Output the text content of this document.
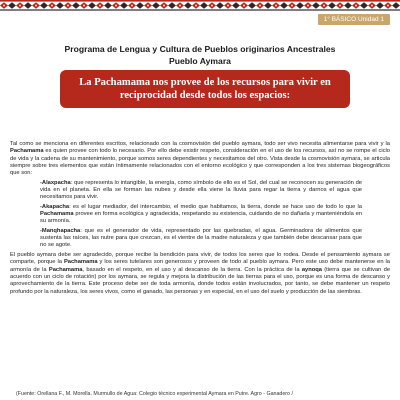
1° BÁSICO Unidad 1
Programa de Lengua y Cultura de Pueblos originarios Ancestrales
Pueblo Aymara
La Pachamama nos provee de los recursos para vivir en
reciprocidad desde todos los espacios:

Tal como se menciona en diferentes escritos, relacionado con la cosmovisión del pueblo aymara, todo ser vivo necesita alimentarse para vivir y la Pachamama es quien provee con todo lo necesario. Por ello debe existir respeto, consideración en el uso de los recursos, así no se rompe el ciclo de vida y la cadena de su mantenimiento, porque somos seres dependientes y necesitamos del otro. Vista desde la cosmovisión aymara, se articula siempre sobre tres elementos que están íntimamente relacionados con el entorno ecológico y que corresponden a los tres sistemas biogeográficos que son:

-Alaxpacha: que representa lo intangible, la energía, como símbolo de ello es el Sol, del cual se reconocen su generación de vida en el planeta. En ella se forman las nubes y desde ella viene la lluvia para regar la tierra y darnos el agua que necesitamos para vivir.

-Akapacha: es el lugar mediador, del intercambio, el medio que habitamos, la tierra, donde se hace uso de todo lo que la Pachamama provee en forma ecológica y agradecida, respetando su existencia, cuidando de no dañarla y manteniéndola en su armonía.

-Manqhapacha: que es el generador de vida, representado por las quebradas, el agua. Germinadora de alimentos que sustenta las raíces, las nutre para que crezcan, es el vientre de la madre naturaleza y que también debe descansar para que no se agote.

El pueblo aymara debe ser agradecido, porque recibe la bendición para vivir, de todos los seres que lo rodea. Desde el pensamiento aymara se comparte, porque la Pachamama y los seres tutelares son generosos y proveen de todo al pueblo aymara. Pero este uso debe mantenerse en la armonía de la Pachamama, basado en el respeto, en el uso y al descanso de la tierra. Con la práctica de la aynoqa (tierra que se cultivan de acuerdo con un ciclo de rotación) por los aymara, se regula y mejora la distribución de las tierras para el uso, porque es una forma de descanso y aprovechamiento de la tierra. Este proceso debe ser de toda armonía, donde todos están involucrados, por tanto, se debe mantener un respeto profundo por la naturaleza, los seres vivos, como el ganado, las personas y en especial, en el uso del suelo y producción de las siembras.

(Fuente: Orellana F., M. Morella. Murmullo de Agua: Colegio técnico experimental Aymara en Putre. Agro - Ganadero /
